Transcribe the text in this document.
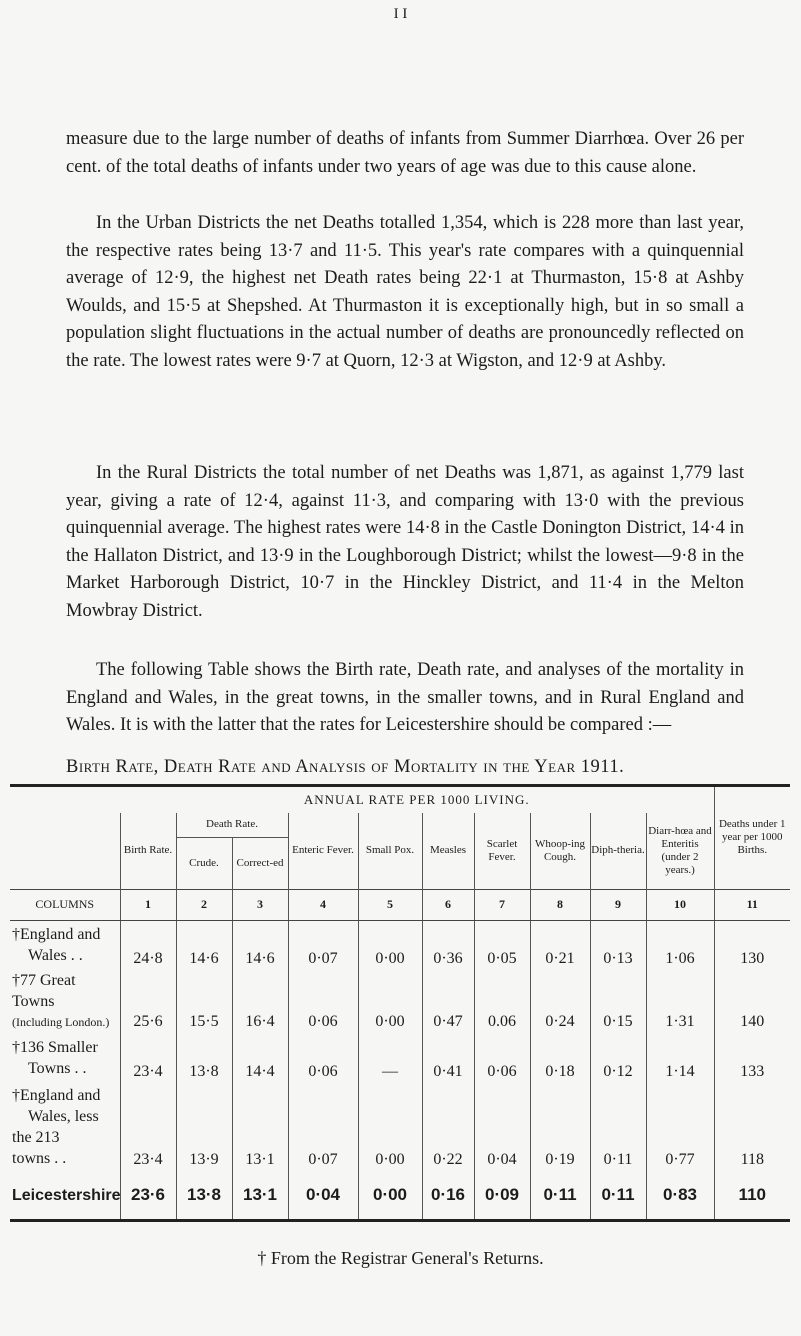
I I

measure due to the large number of deaths of infants from Summer Diarrhœa. Over 26 per cent. of the total deaths of infants under two years of age was due to this cause alone.

In the Urban Districts the net Deaths totalled 1,354, which is 228 more than last year, the respective rates being 13·7 and 11·5. This year's rate compares with a quinquennial average of 12·9, the highest net Death rates being 22·1 at Thurmaston, 15·8 at Ashby Woulds, and 15·5 at Shepshed. At Thurmaston it is exceptionally high, but in so small a population slight fluctuations in the actual number of deaths are pronouncedly reflected on the rate. The lowest rates were 9·7 at Quorn, 12·3 at Wigston, and 12·9 at Ashby.

In the Rural Districts the total number of net Deaths was 1,871, as against 1,779 last year, giving a rate of 12·4, against 11·3, and comparing with 13·0 with the previous quinquennial average. The highest rates were 14·8 in the Castle Donington District, 14·4 in the Hallaton District, and 13·9 in the Loughborough District; whilst the lowest—9·8 in the Market Harborough District, 10·7 in the Hinckley District, and 11·4 in the Melton Mowbray District.

The following Table shows the Birth rate, Death rate, and analyses of the mortality in England and Wales, in the great towns, in the smaller towns, and in Rural England and Wales. It is with the latter that the rates for Leicestershire should be compared :—

Birth Rate, Death Rate and Analysis of Mortality in the Year 1911.
	ANNUAL RATE PER 1000 LIVING.										Deaths under 1 year per 1000 Births.
	Birth Rate.	Death Rate.		Enteric Fever.	Small Pox.	Measles	Scarlet Fever.	Whoop-ing Cough.	Diph-theria.	Diarr-hœa and Enteritis (under 2 years.)	
		Crude.	Correct-ed								
COLUMNS	1	2	3	4	5	6	7	8	9	10	11

†England and
Wales . .	24·8	14·6	14·6	0·07	0·00	0·36	0·05	0·21	0·13	1·06	130

†77 Great Towns
(Including London.)	25·6	15·5	16·4	0·06	0·00	0·47	0.06	0·24	0·15	1·31	140

†136 Smaller
Towns . .	23·4	13·8	14·4	0·06	—	0·41	0·06	0·18	0·12	1·14	133

†England and
Wales, less
the 213
towns . .	23·4	13·9	13·1	0·07	0·00	0·22	0·04	0·19	0·11	0·77	118
Leicestershire	23·6	13·8	13·1	0·04	0·00	0·16	0·09	0·11	0·11	0·83	110
† From the Registrar General's Returns.
